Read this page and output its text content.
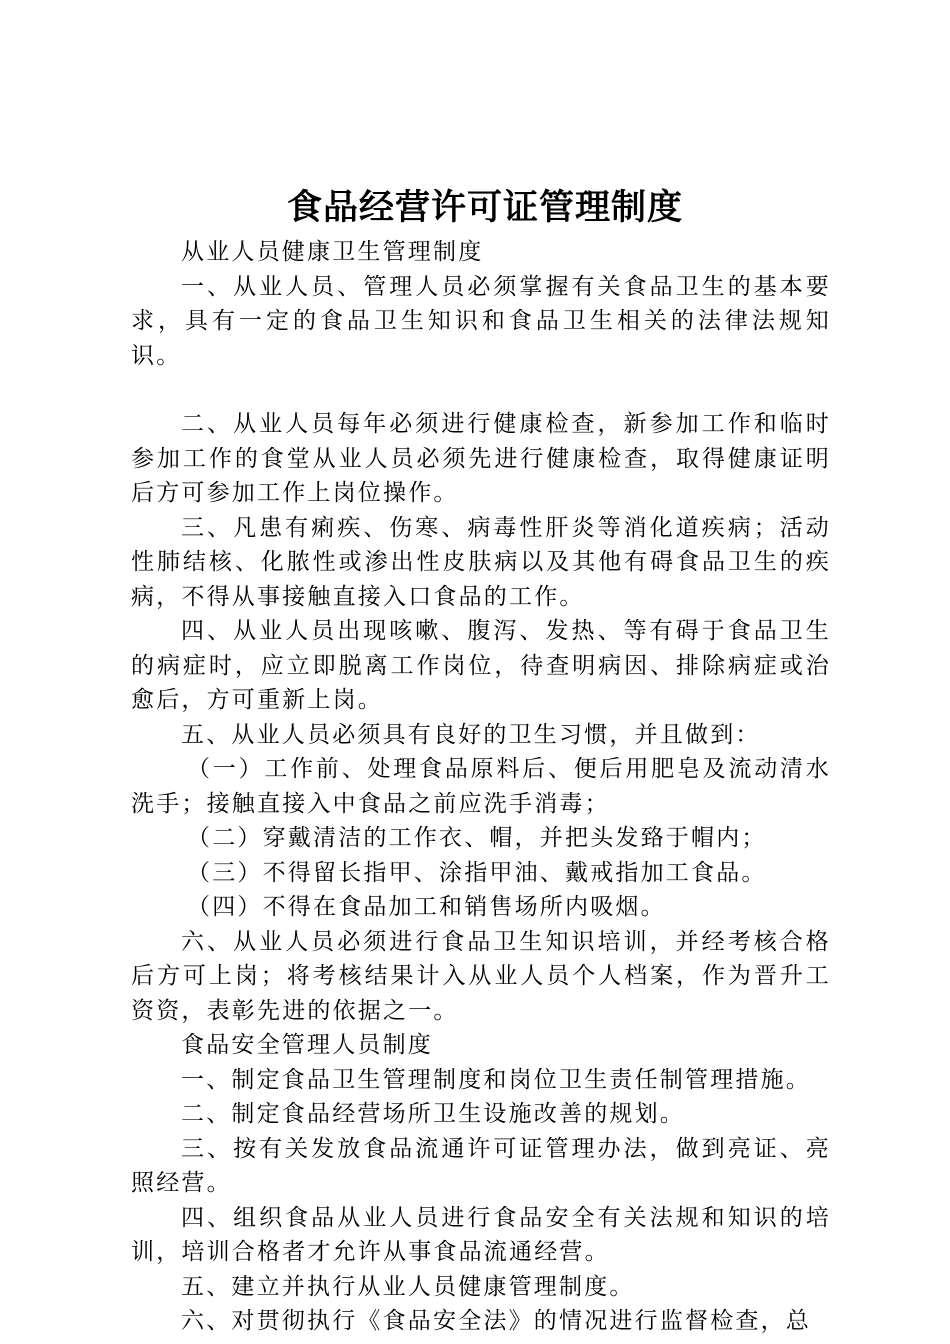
食品经营许可证管理制度

从业人员健康卫生管理制度

一、从业人员、管理人员必须掌握有关食品卫生的基本要求，具有一定的食品卫生知识和食品卫生相关的法律法规知识。

二、从业人员每年必须进行健康检查，新参加工作和临时参加工作的食堂从业人员必须先进行健康检查，取得健康证明后方可参加工作上岗位操作。

三、凡患有痢疾、伤寒、病毒性肝炎等消化道疾病；活动性肺结核、化脓性或渗出性皮肤病以及其他有碍食品卫生的疾病，不得从事接触直接入口食品的工作。

四、从业人员出现咳嗽、腹泻、发热、等有碍于食品卫生的病症时，应立即脱离工作岗位，待查明病因、排除病症或治愈后，方可重新上岗。

五、从业人员必须具有良好的卫生习惯，并且做到：

（一）工作前、处理食品原料后、便后用肥皂及流动清水洗手；接触直接入中食品之前应洗手消毒；

（二）穿戴清洁的工作衣、帽，并把头发臵于帽内；

（三）不得留长指甲、涂指甲油、戴戒指加工食品。

（四）不得在食品加工和销售场所内吸烟。

六、从业人员必须进行食品卫生知识培训，并经考核合格后方可上岗；将考核结果计入从业人员个人档案，作为晋升工资资，表彰先进的依据之一。

食品安全管理人员制度

一、制定食品卫生管理制度和岗位卫生责任制管理措施。

二、制定食品经营场所卫生设施改善的规划。

三、按有关发放食品流通许可证管理办法，做到亮证、亮照经营。

四、组织食品从业人员进行食品安全有关法规和知识的培训，培训合格者才允许从事食品流通经营。

五、建立并执行从业人员健康管理制度。

六、对贯彻执行《食品安全法》的情况进行监督检查，总
